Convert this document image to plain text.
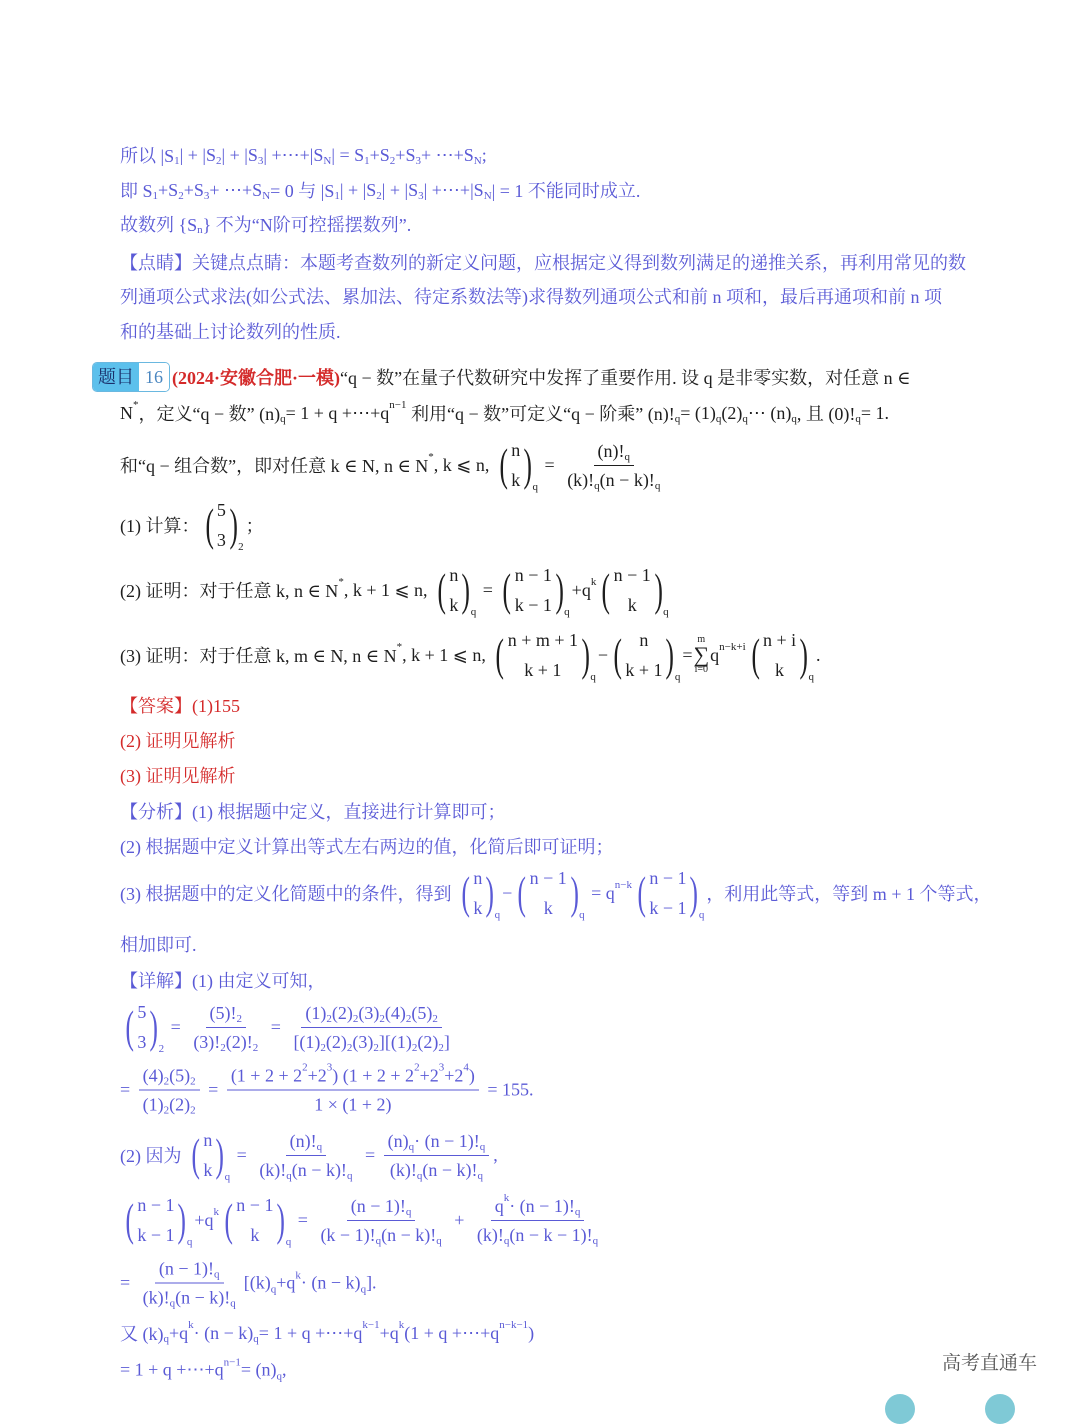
所以 |S 1 | + |S 2 | + |S 3 | +⋯+|S N | = S 1 +S 2 +S 3 + ⋯+S N ;
即 S 1 +S 2 +S 3 + ⋯+S N = 0 与 |S 1 | + |S 2 | + |S 3 | +⋯+|S N | = 1 不能同时成立.
故数列 {S n } 不为“N阶可控摇摆数列”.
【点睛】关键点点睛：本题考查数列的新定义问题，应根据定义得到数列满足的递推关系，再利用常见的数
列通项公式求法(如公式法、累加法、待定系数法等)求得数列通项公式和前 n 项和，最后再通项和前 n 项
和的基础上讨论数列的性质.
题目 16 (2024·安徽合肥·一模) “q − 数”在量子代数研究中发挥了重要作用. 设 q 是非零实数，对任意 n ∈
N * ，定义“q − 数” (n) q = 1 + q +⋯+q n−1 利用“q − 数”可定义“q − 阶乘” (n)! q = (1) q (2) q ⋯ (n) q , 且 (0)! q = 1.
和“q − 组合数”，即对任意 k ∈ N, n ∈ N * , k ⩽ n, ( n
k ) q
= $\frac{(n)! q}{(k)! q (n - k)! q}$
(1) 计算： ( 5
3 ) 2
；
(2) 证明：对于任意 k, n ∈ N * , k + 1 ⩽ n, ( n
k ) q
= ( n − 1
k − 1 ) q
+q k ( n − 1
k ) q
(3) 证明：对于任意 k, m ∈ N, n ∈ N * , k + 1 ⩽ n, ( n + m + 1
k + 1 ) q
− ( n
k + 1 ) q
=
m
∑
i=0
q n−k+i ( n + i
k ) q
.
【答案】(1)155
(2) 证明见解析
(3) 证明见解析
【分析】(1) 根据题中定义，直接进行计算即可；
(2) 根据题中定义计算出等式左右两边的值，化简后即可证明；
(3) 根据题中的定义化简题中的条件，得到 ( n
k ) q
− ( n − 1
k ) q
= q n−k ( n − 1
k − 1 ) q
，利用此等式，等到 m + 1 个等式，
相加即可.
【详解】(1) 由定义可知，
( 5
3 ) 2
= $\frac{(5)! 2}{(3)! 2 (2)! 2} = \frac{(1) 2 (2) 2 (3) 2 (4) 2 (5) 2}{[(1) 2 (2) 2 (3) 2 ][(1) 2 (2) 2 ]}$
= $\frac{(4) 2 (5) 2}{(1) 2 (2) 2} = \frac{(1 + 2 + 2 2 +2 3 ) (1 + 2 + 2 2 +2 3 +2 4 )}{1 \times (1 + 2)} = 155$.
(2) 因为 ( n
k ) q
= $\frac{(n)! q}{(k)! q (n - k)! q} = \frac{(n) q \cdot (n - 1)! q}{(k)! q (n - k)! q}$ ,
( n − 1
k − 1 ) q
+q k ( n − 1
k ) q
= $\frac{(n - 1)! q}{(k - 1)! q (n - k)! q} + \frac{\text{q k · (n − 1)! q}}{(k)! q (n - k - 1)! q}$
= $\frac{(n - 1)! q}{(k)! q (n - k)! q} [(k)$ q +q k · (n − k) q ].
又 (k) q +q k · (n − k) q = 1 + q +⋯+q k−1 +q k (1 + q +⋯+q n−k−1 )
= 1 + q +⋯+q n−1 = (n) q ,	高考直通车
